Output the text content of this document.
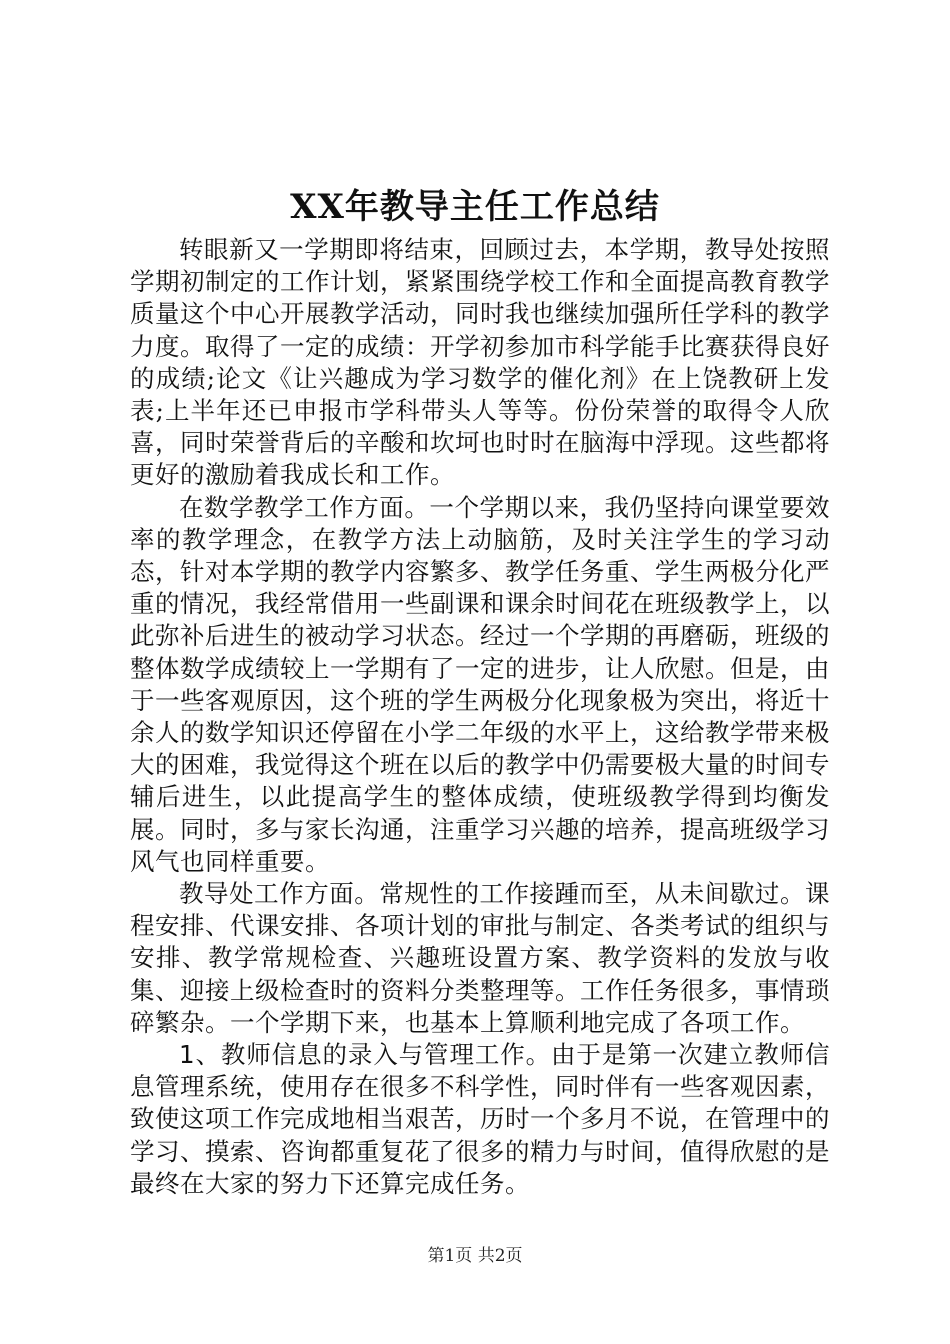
XX年教导主任工作总结

转眼新又一学期即将结束，回顾过去，本学期，教导处按照学期初制定的工作计划，紧紧围绕学校工作和全面提高教育教学质量这个中心开展教学活动，同时我也继续加强所任学科的教学力度。取得了一定的成绩：开学初参加市科学能手比赛获得良好的成绩;论文《让兴趣成为学习数学的催化剂》在上饶教研上发表;上半年还已申报市学科带头人等等。份份荣誉的取得令人欣喜，同时荣誉背后的辛酸和坎坷也时时在脑海中浮现。这些都将更好的激励着我成长和工作。

在数学教学工作方面。一个学期以来，我仍坚持向课堂要效率的教学理念，在教学方法上动脑筋，及时关注学生的学习动态，针对本学期的教学内容繁多、教学任务重、学生两极分化严重的情况，我经常借用一些副课和课余时间花在班级教学上，以此弥补后进生的被动学习状态。经过一个学期的再磨砺，班级的整体数学成绩较上一学期有了一定的进步，让人欣慰。但是，由于一些客观原因，这个班的学生两极分化现象极为突出，将近十余人的数学知识还停留在小学二年级的水平上，这给教学带来极大的困难，我觉得这个班在以后的教学中仍需要极大量的时间专辅后进生，以此提高学生的整体成绩，使班级教学得到均衡发展。同时，多与家长沟通，注重学习兴趣的培养，提高班级学习风气也同样重要。

教导处工作方面。常规性的工作接踵而至，从未间歇过。课程安排、代课安排、各项计划的审批与制定、各类考试的组织与安排、教学常规检查、兴趣班设置方案、教学资料的发放与收集、迎接上级检查时的资料分类整理等。工作任务很多，事情琐碎繁杂。一个学期下来，也基本上算顺利地完成了各项工作。

1、教师信息的录入与管理工作。由于是第一次建立教师信息管理系统，使用存在很多不科学性，同时伴有一些客观因素，致使这项工作完成地相当艰苦，历时一个多月不说，在管理中的学习、摸索、咨询都重复花了很多的精力与时间，值得欣慰的是最终在大家的努力下还算完成任务。

第1页 共2页
